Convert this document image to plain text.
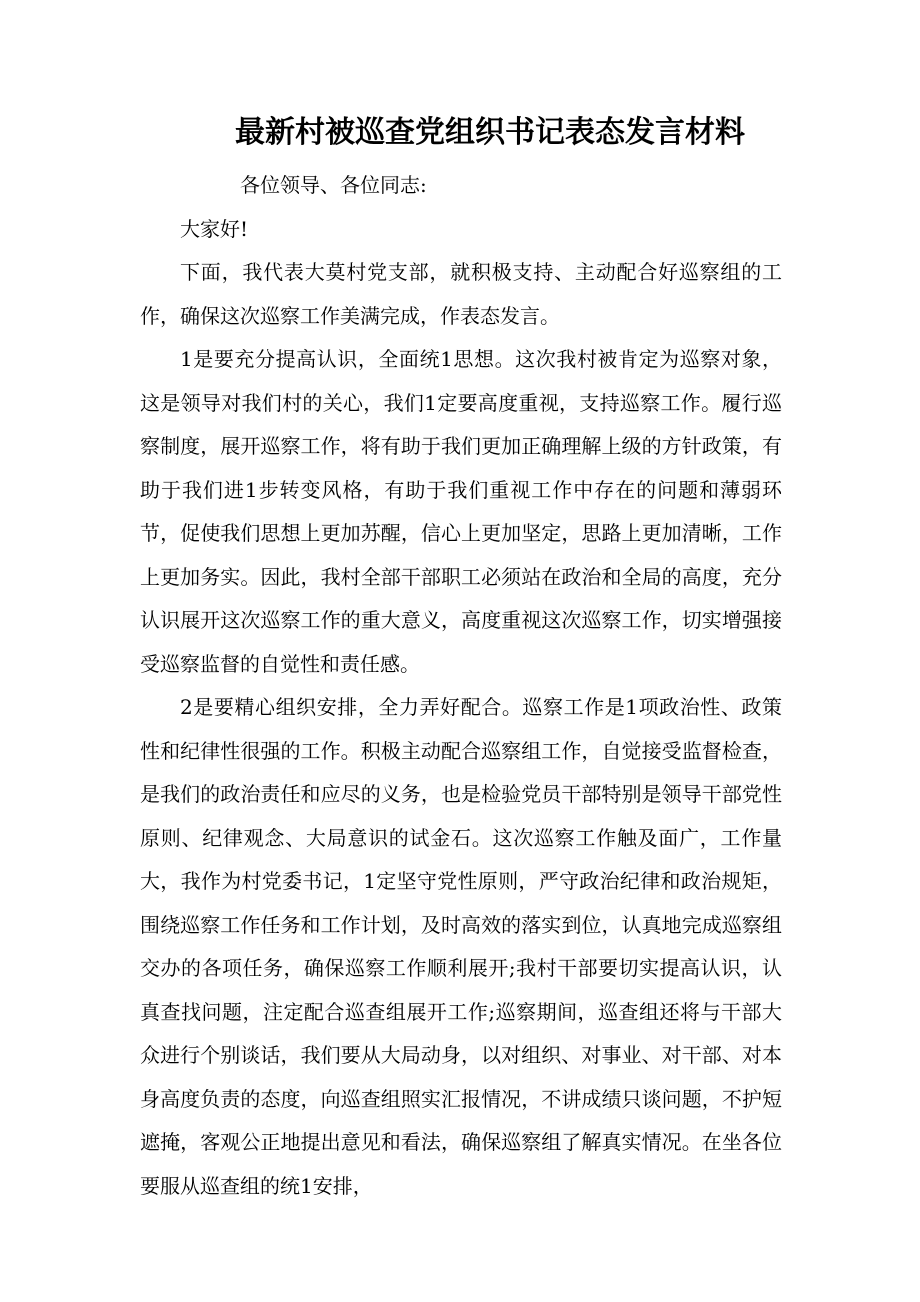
最新村被巡查党组织书记表态发言材料

各位领导、各位同志:

大家好!

下面，我代表大莫村党支部，就积极支持、主动配合好巡察组的工作，确保这次巡察工作美满完成，作表态发言。

1是要充分提高认识，全面统1思想。这次我村被肯定为巡察对象，这是领导对我们村的关心，我们1定要高度重视，支持巡察工作。履行巡察制度，展开巡察工作，将有助于我们更加正确理解上级的方针政策，有助于我们进1步转变风格，有助于我们重视工作中存在的问题和薄弱环节，促使我们思想上更加苏醒，信心上更加坚定，思路上更加清晰，工作上更加务实。因此，我村全部干部职工必须站在政治和全局的高度，充分认识展开这次巡察工作的重大意义，高度重视这次巡察工作，切实增强接受巡察监督的自觉性和责任感。

2是要精心组织安排，全力弄好配合。巡察工作是1项政治性、政策性和纪律性很强的工作。积极主动配合巡察组工作，自觉接受监督检查，是我们的政治责任和应尽的义务，也是检验党员干部特别是领导干部党性原则、纪律观念、大局意识的试金石。这次巡察工作触及面广，工作量大，我作为村党委书记，1定坚守党性原则，严守政治纪律和政治规矩，围绕巡察工作任务和工作计划，及时高效的落实到位，认真地完成巡察组交办的各项任务，确保巡察工作顺利展开;我村干部要切实提高认识，认真查找问题，注定配合巡查组展开工作;巡察期间，巡查组还将与干部大众进行个别谈话，我们要从大局动身，以对组织、对事业、对干部、对本身高度负责的态度，向巡查组照实汇报情况，不讲成绩只谈问题，不护短遮掩，客观公正地提出意见和看法，确保巡察组了解真实情况。在坐各位要服从巡查组的统1安排，
